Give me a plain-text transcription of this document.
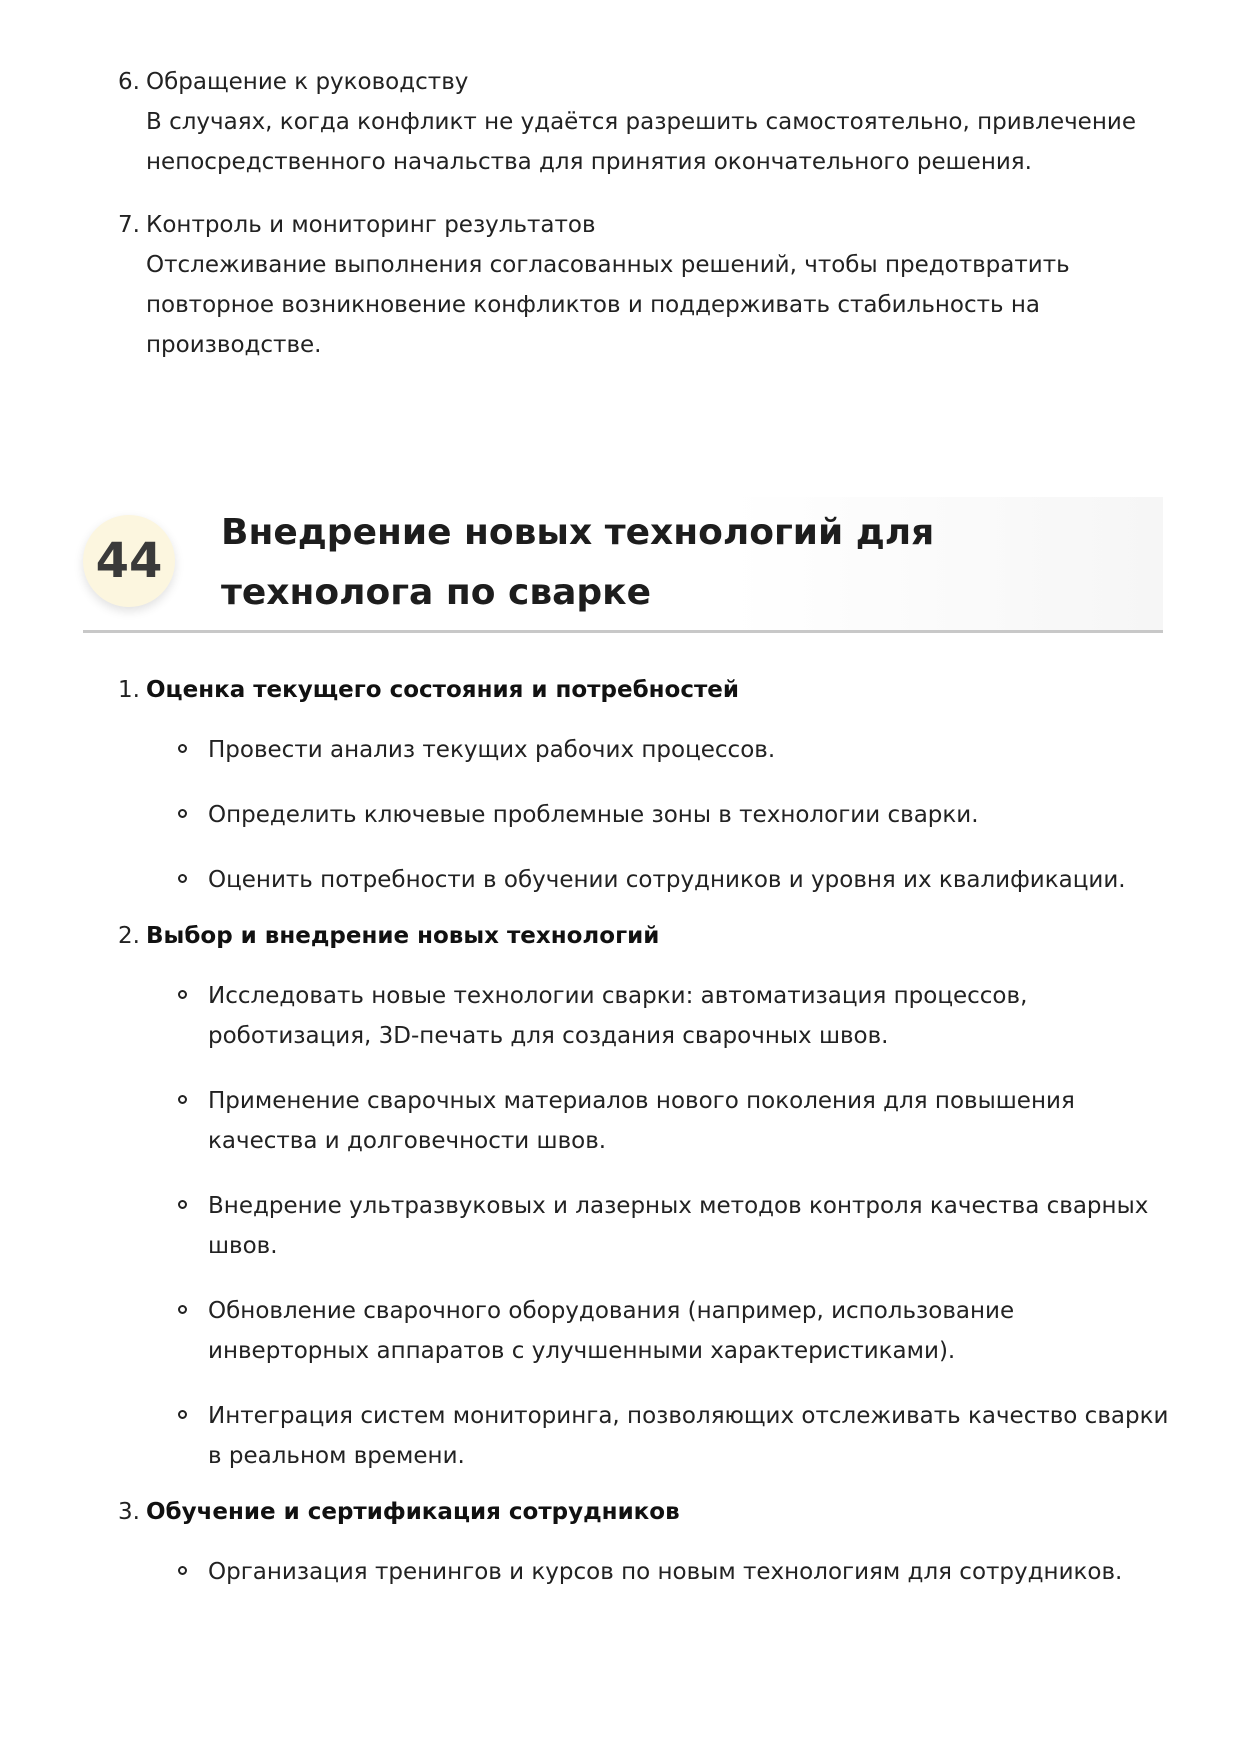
6. Обращение к руководству
В случаях, когда конфликт не удаётся разрешить самостоятельно, привлечение непосредственного начальства для принятия окончательного решения.
7. Контроль и мониторинг результатов
Отслеживание выполнения согласованных решений, чтобы предотвратить повторное возникновение конфликтов и поддерживать стабильность на производстве.
44
Внедрение новых технологий для технолога по сварке
1. Оценка текущего состояния и потребностей
Провести анализ текущих рабочих процессов.
Определить ключевые проблемные зоны в технологии сварки.
Оценить потребности в обучении сотрудников и уровня их квалификации.
2. Выбор и внедрение новых технологий
Исследовать новые технологии сварки: автоматизация процессов, роботизация, 3D-печать для создания сварочных швов.
Применение сварочных материалов нового поколения для повышения качества и долговечности швов.
Внедрение ультразвуковых и лазерных методов контроля качества сварных швов.
Обновление сварочного оборудования (например, использование инверторных аппаратов с улучшенными характеристиками).
Интеграция систем мониторинга, позволяющих отслеживать качество сварки в реальном времени.
3. Обучение и сертификация сотрудников
Организация тренингов и курсов по новым технологиям для сотрудников.
